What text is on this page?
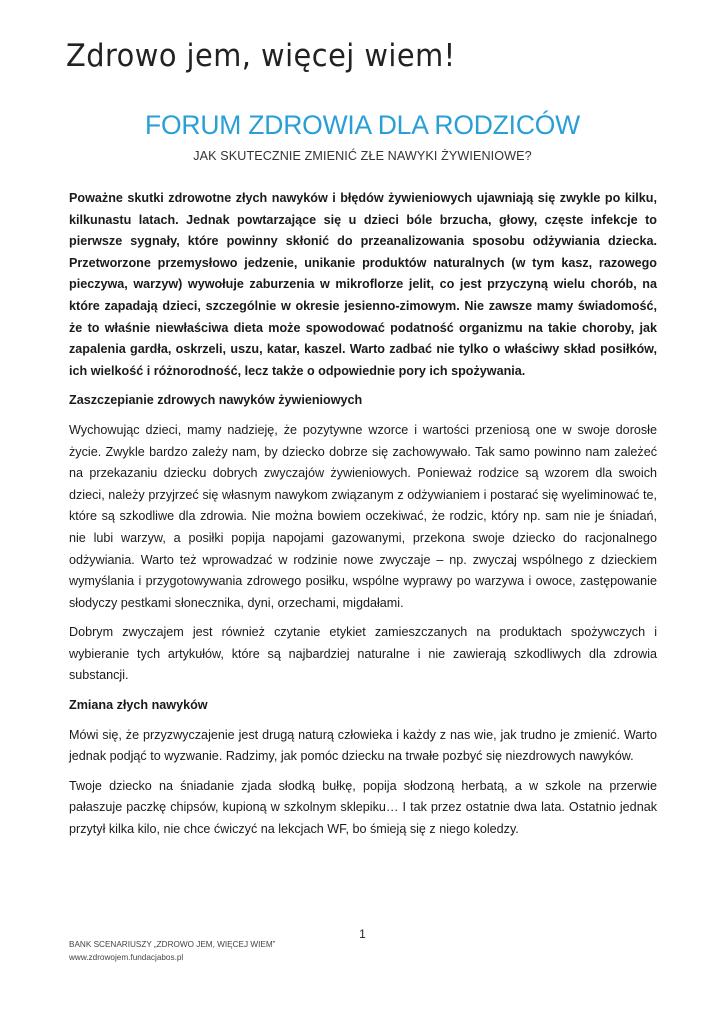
Zdrowo jem, więcej wiem!
FORUM ZDROWIA DLA RODZICÓW
JAK SKUTECZNIE ZMIENIĆ ZŁE NAWYKI ŻYWIENIOWE?

Poważne skutki zdrowotne złych nawyków i błędów żywieniowych ujawniają się zwykle po kilku, kilkunastu latach. Jednak powtarzające się u dzieci bóle brzucha, głowy, częste infekcje to pierwsze sygnały, które powinny skłonić do przeanalizowania sposobu odżywiania dziecka. Przetworzone przemysłowo jedzenie, unikanie produktów naturalnych (w tym kasz, razowego pieczywa, warzyw) wywołuje zaburzenia w mikroflorze jelit, co jest przyczyną wielu chorób, na które zapadają dzieci, szczególnie w okresie jesienno-zimowym. Nie zawsze mamy świadomość, że to właśnie niewłaściwa dieta może spowodować podatność organizmu na takie choroby, jak zapalenia gardła, oskrzeli, uszu, katar, kaszel. Warto zadbać nie tylko o właściwy skład posiłków, ich wielkość i różnorodność, lecz także o odpowiednie pory ich spożywania.

Zaszczepianie zdrowych nawyków żywieniowych

Wychowując dzieci, mamy nadzieję, że pozytywne wzorce i wartości przeniosą one w swoje dorosłe życie. Zwykle bardzo zależy nam, by dziecko dobrze się zachowywało. Tak samo powinno nam zależeć na przekazaniu dziecku dobrych zwyczajów żywieniowych. Ponieważ rodzice są wzorem dla swoich dzieci, należy przyjrzeć się własnym nawykom związanym z odżywianiem i postarać się wyeliminować te, które są szkodliwe dla zdrowia. Nie można bowiem oczekiwać, że rodzic, który np. sam nie je śniadań, nie lubi warzyw, a posiłki popija napojami gazowanymi, przekona swoje dziecko do racjonalnego odżywiania. Warto też wprowadzać w rodzinie nowe zwyczaje – np. zwyczaj wspólnego z dzieckiem wymyślania i przygotowywania zdrowego posiłku, wspólne wyprawy po warzywa i owoce, zastępowanie słodyczy pestkami słonecznika, dyni, orzechami, migdałami.

Dobrym zwyczajem jest również czytanie etykiet zamieszczanych na produktach spożywczych i wybieranie tych artykułów, które są najbardziej naturalne i nie zawierają szkodliwych dla zdrowia substancji.

Zmiana złych nawyków

Mówi się, że przyzwyczajenie jest drugą naturą człowieka i każdy z nas wie, jak trudno je zmienić. Warto jednak podjąć to wyzwanie. Radzimy, jak pomóc dziecku na trwałe pozbyć się niezdrowych nawyków.

Twoje dziecko na śniadanie zjada słodką bułkę, popija słodzoną herbatą, a w szkole na przerwie pałaszuje paczkę chipsów, kupioną w szkolnym sklepiku… I tak przez ostatnie dwa lata. Ostatnio jednak przytył kilka kilo, nie chce ćwiczyć na lekcjach WF, bo śmieją się z niego koledzy.

1
BANK SCENARIUSZY „ZDROWO JEM, WIĘCEJ WIEM”
www.zdrowojem.fundacjabos.pl
